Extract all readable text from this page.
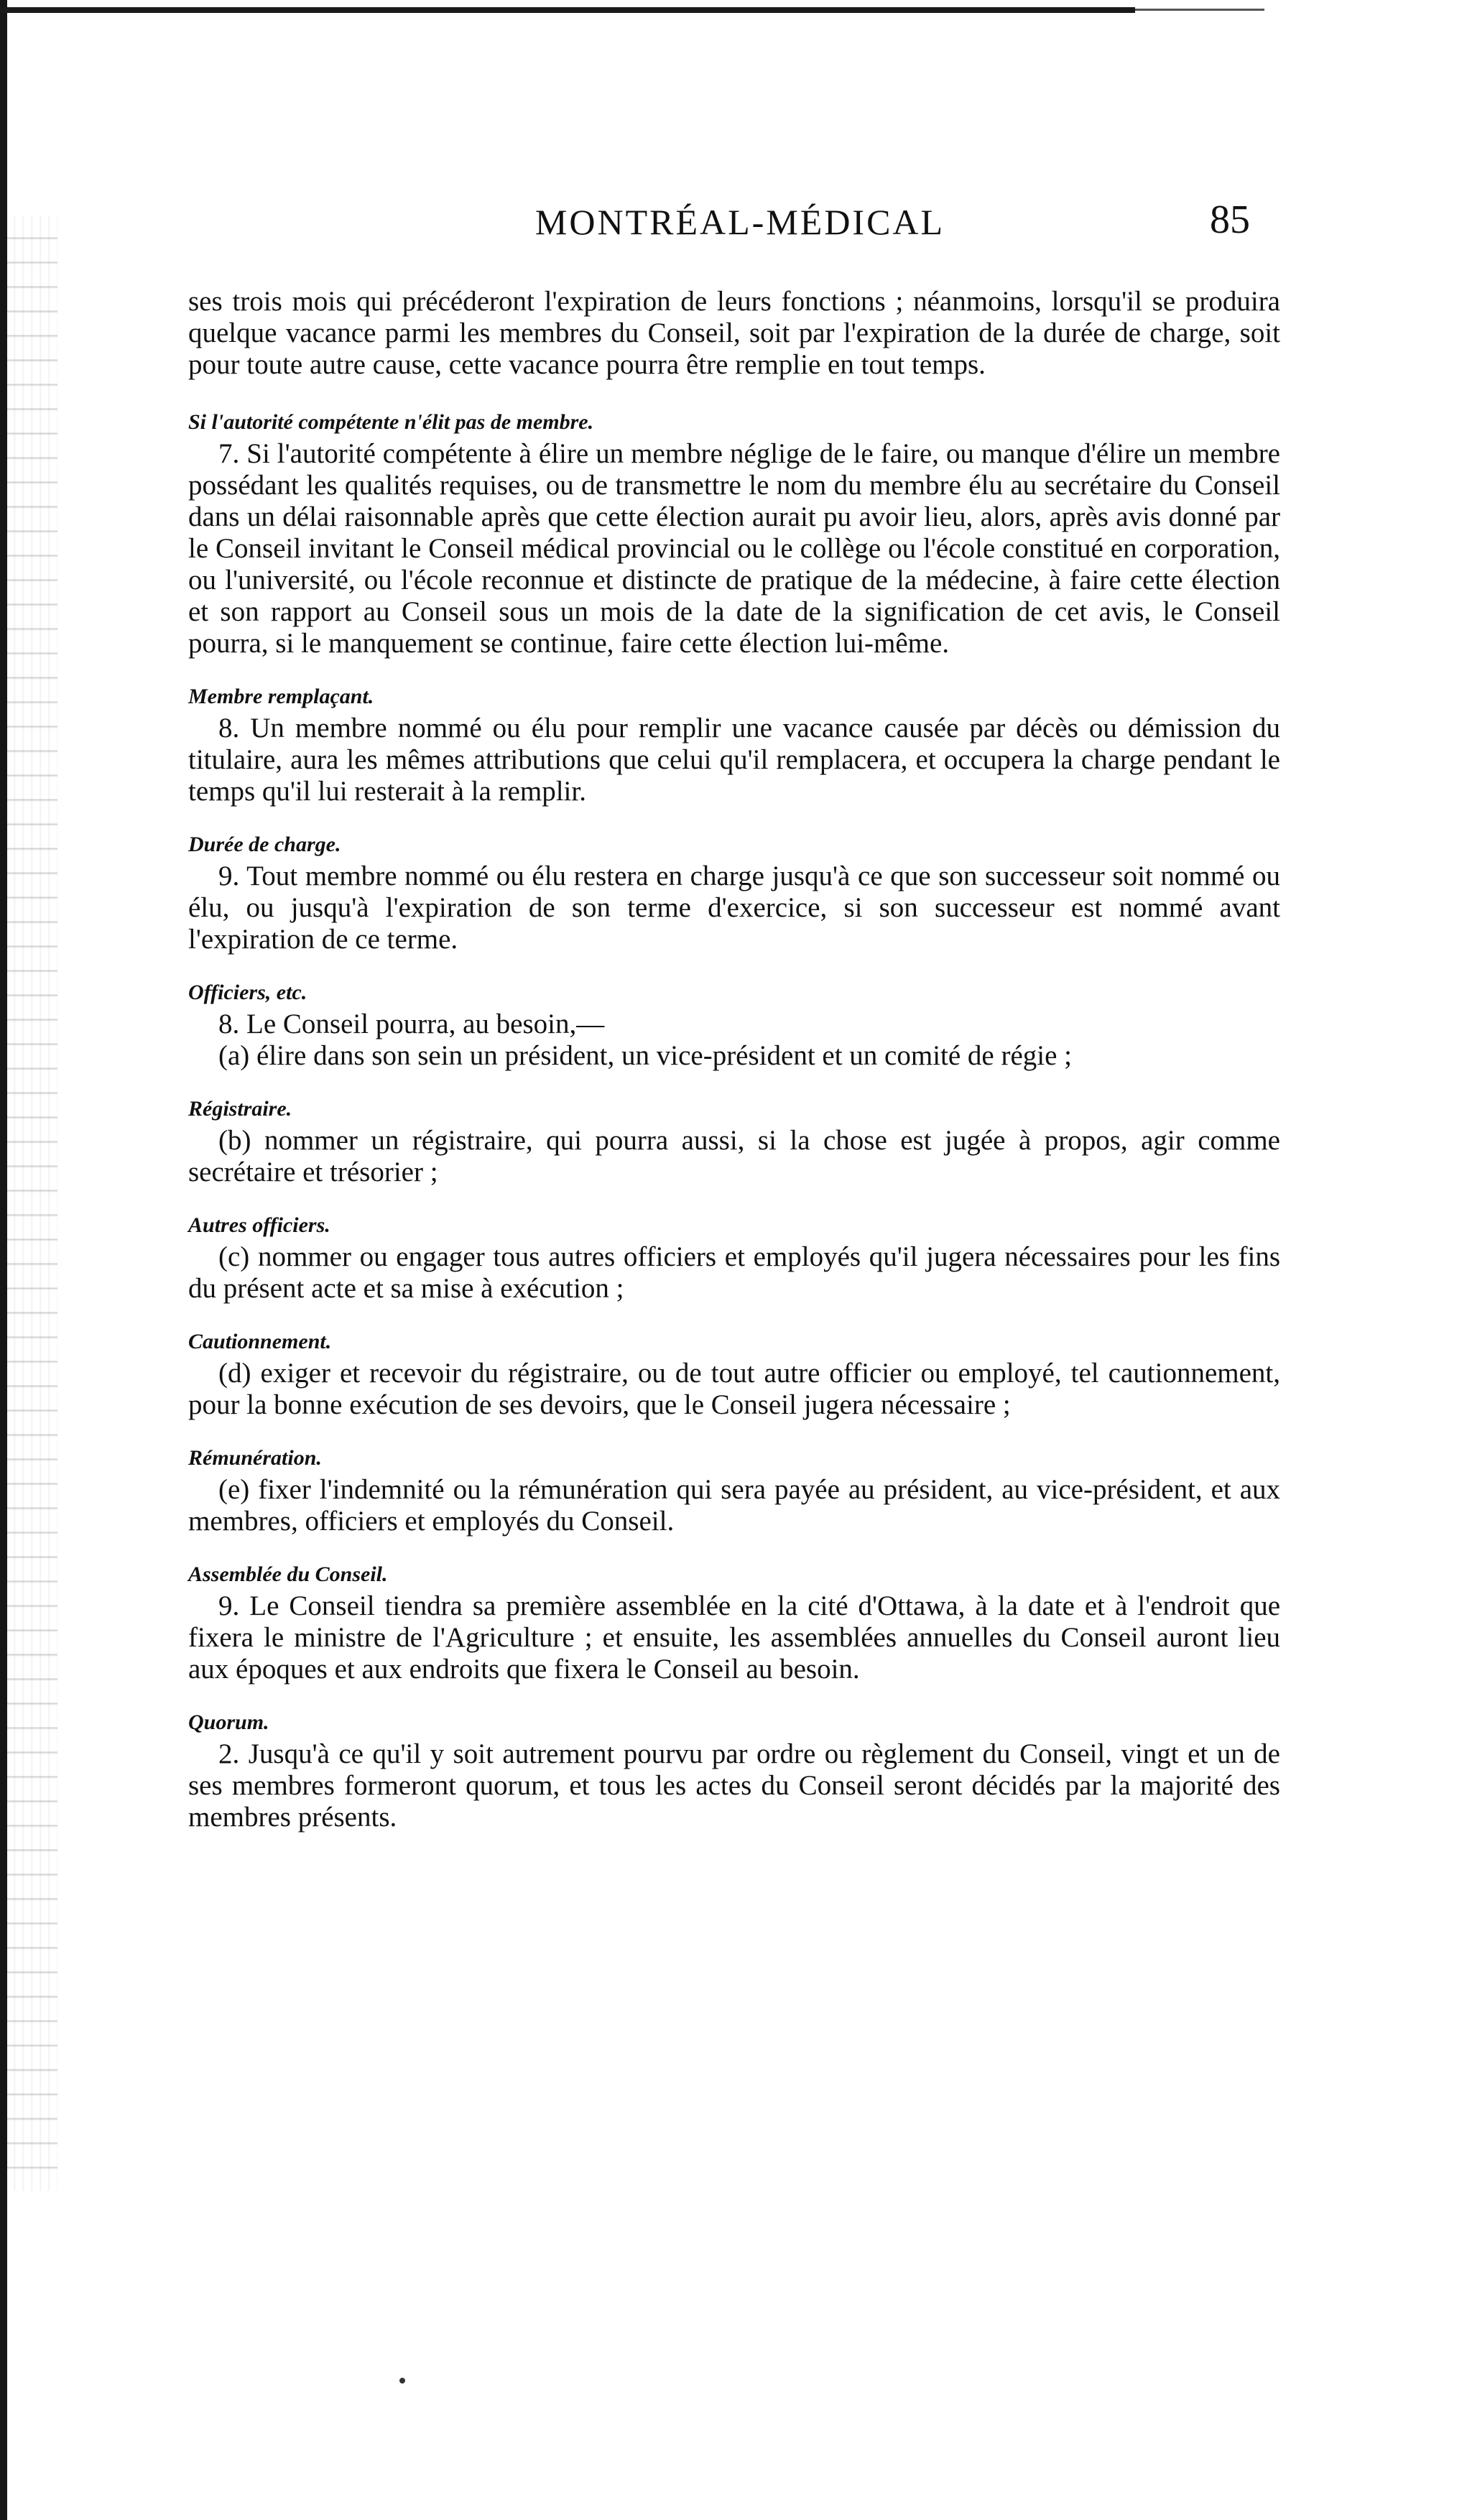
MONTRÉAL-MÉDICAL	85

ses trois mois qui précéderont l'expiration de leurs fonctions ; néanmoins, lorsqu'il se produira quelque vacance parmi les membres du Conseil, soit par l'expiration de la durée de charge, soit pour toute autre cause, cette vacance pourra être remplie en tout temps.

Si l'autorité compétente n'élit pas de membre.

7. Si l'autorité compétente à élire un membre néglige de le faire, ou manque d'élire un membre possédant les qualités requises, ou de transmettre le nom du membre élu au secrétaire du Conseil dans un délai raisonnable après que cette élection aurait pu avoir lieu, alors, après avis donné par le Conseil invitant le Conseil médical provincial ou le collège ou l'école constitué en corporation, ou l'université, ou l'école reconnue et distincte de pratique de la médecine, à faire cette élection et son rapport au Conseil sous un mois de la date de la signification de cet avis, le Conseil pourra, si le manquement se continue, faire cette élection lui-même.

Membre remplaçant.

8. Un membre nommé ou élu pour remplir une vacance causée par décès ou démission du titulaire, aura les mêmes attributions que celui qu'il remplacera, et occupera la charge pendant le temps qu'il lui resterait à la remplir.

Durée de charge.

9. Tout membre nommé ou élu restera en charge jusqu'à ce que son successeur soit nommé ou élu, ou jusqu'à l'expiration de son terme d'exercice, si son successeur est nommé avant l'expiration de ce terme.

Officiers, etc.

8. Le Conseil pourra, au besoin,—

(a) élire dans son sein un président, un vice-président et un comité de régie ;

Régistraire.

(b) nommer un régistraire, qui pourra aussi, si la chose est jugée à propos, agir comme secrétaire et trésorier ;

Autres officiers.

(c) nommer ou engager tous autres officiers et employés qu'il jugera nécessaires pour les fins du présent acte et sa mise à exécution ;

Cautionnement.

(d) exiger et recevoir du régistraire, ou de tout autre officier ou employé, tel cautionnement, pour la bonne exécution de ses devoirs, que le Conseil jugera nécessaire ;

Rémunération.

(e) fixer l'indemnité ou la rémunération qui sera payée au président, au vice-président, et aux membres, officiers et employés du Conseil.

Assemblée du Conseil.

9. Le Conseil tiendra sa première assemblée en la cité d'Ottawa, à la date et à l'endroit que fixera le ministre de l'Agriculture ; et ensuite, les assemblées annuelles du Conseil auront lieu aux époques et aux endroits que fixera le Conseil au besoin.

Quorum.

2. Jusqu'à ce qu'il y soit autrement pourvu par ordre ou règlement du Conseil, vingt et un de ses membres formeront quorum, et tous les actes du Conseil seront décidés par la majorité des membres présents.
